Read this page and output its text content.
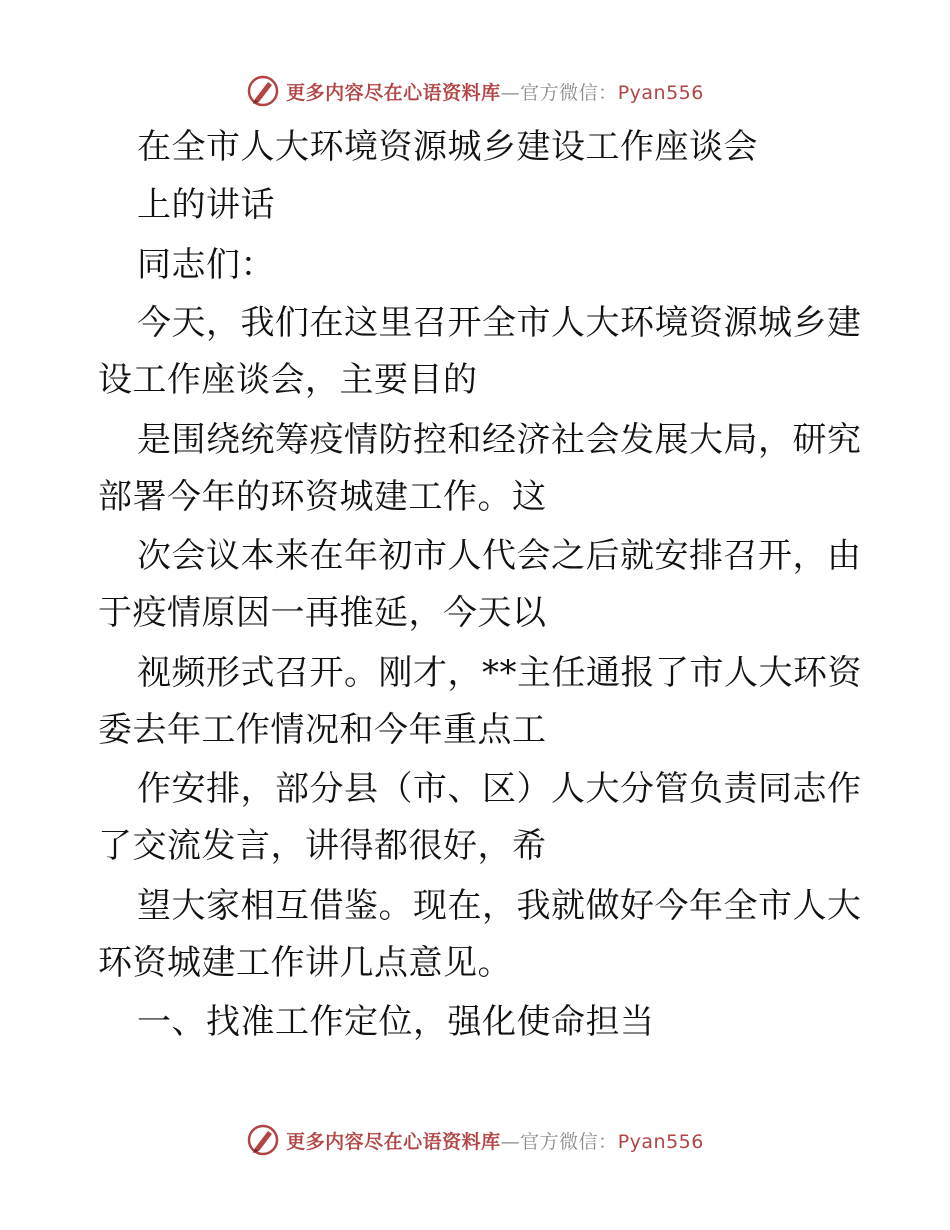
更多内容尽在心语资料库—官方微信：Pyan556
在全市人大环境资源城乡建设工作座谈会
上的讲话
同志们：
今天，我们在这里召开全市人大环境资源城乡建
设工作座谈会，主要目的
是围绕统筹疫情防控和经济社会发展大局，研究
部署今年的环资城建工作。这
次会议本来在年初市人代会之后就安排召开，由
于疫情原因一再推延，今天以
视频形式召开。刚才，**主任通报了市人大环资
委去年工作情况和今年重点工
作安排，部分县（市、区）人大分管负责同志作
了交流发言，讲得都很好，希
望大家相互借鉴。现在，我就做好今年全市人大
环资城建工作讲几点意见。
一、找准工作定位，强化使命担当
更多内容尽在心语资料库—官方微信：Pyan556
